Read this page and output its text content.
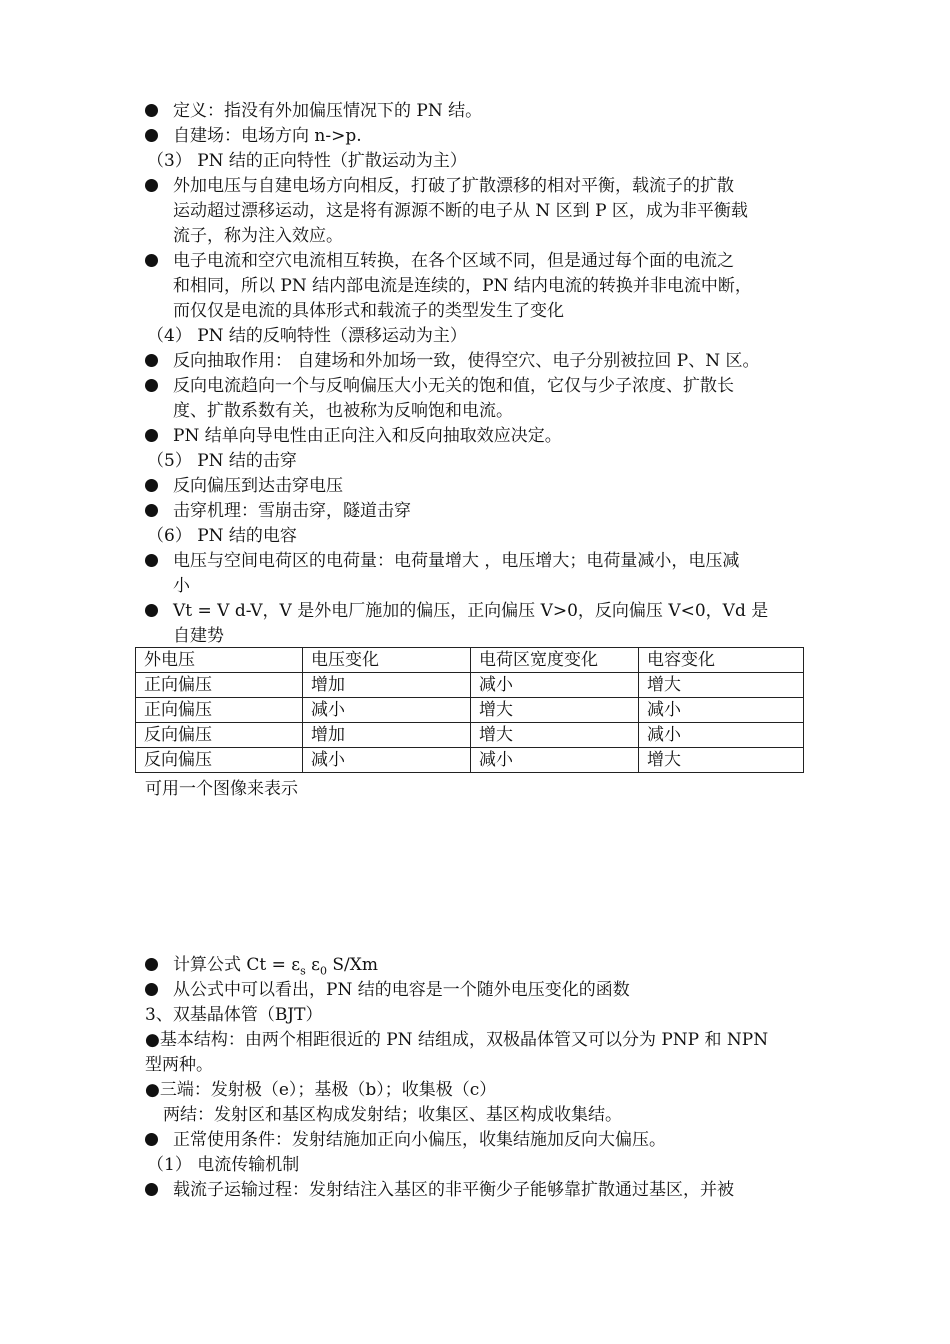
定义：指没有外加偏压情况下的 PN 结。
自建场：电场方向 n->p.
（3） PN 结的正向特性（扩散运动为主）
外加电压与自建电场方向相反，打破了扩散漂移的相对平衡，载流子的扩散
运动超过漂移运动，这是将有源源不断的电子从 N 区到 P 区，成为非平衡载
流子，称为注入效应。
电子电流和空穴电流相互转换，在各个区域不同，但是通过每个面的电流之
和相同，所以 PN 结内部电流是连续的，PN 结内电流的转换并非电流中断，
而仅仅是电流的具体形式和载流子的类型发生了变化
（4） PN 结的反响特性（漂移运动为主）
反向抽取作用： 自建场和外加场一致，使得空穴、电子分别被拉回 P、N 区。
反向电流趋向一个与反响偏压大小无关的饱和值，它仅与少子浓度、扩散长
度、扩散系数有关，也被称为反响饱和电流。
PN 结单向导电性由正向注入和反向抽取效应决定。
（5） PN 结的击穿
反向偏压到达击穿电压
击穿机理：雪崩击穿，隧道击穿
（6） PN 结的电容
电压与空间电荷区的电荷量：电荷量增大 ，电压增大；电荷量减小，电压减
小
Vt = V d-V，V 是外电厂施加的偏压，正向偏压 V>0，反向偏压 V<0，Vd 是
自建势
外电压	电压变化	电荷区宽度变化	电容变化
正向偏压	增加	减小	增大
正向偏压	减小	增大	减小
反向偏压	增加	增大	减小
反向偏压	减小	减小	增大
可用一个图像来表示
计算公式 $Ct = \varepsilon_s$ $\varepsilon_0$ S/Xm
从公式中可以看出，PN 结的电容是一个随外电压变化的函数
3、双基晶体管（BJT）
●基本结构：由两个相距很近的 PN 结组成，双极晶体管又可以分为 PNP 和 NPN
型两种。
●三端：发射极（e）；基极（b）；收集极（c）
两结：发射区和基区构成发射结；收集区、基区构成收集结。
正常使用条件：发射结施加正向小偏压，收集结施加反向大偏压。
（1） 电流传输机制
载流子运输过程：发射结注入基区的非平衡少子能够靠扩散通过基区，并被
